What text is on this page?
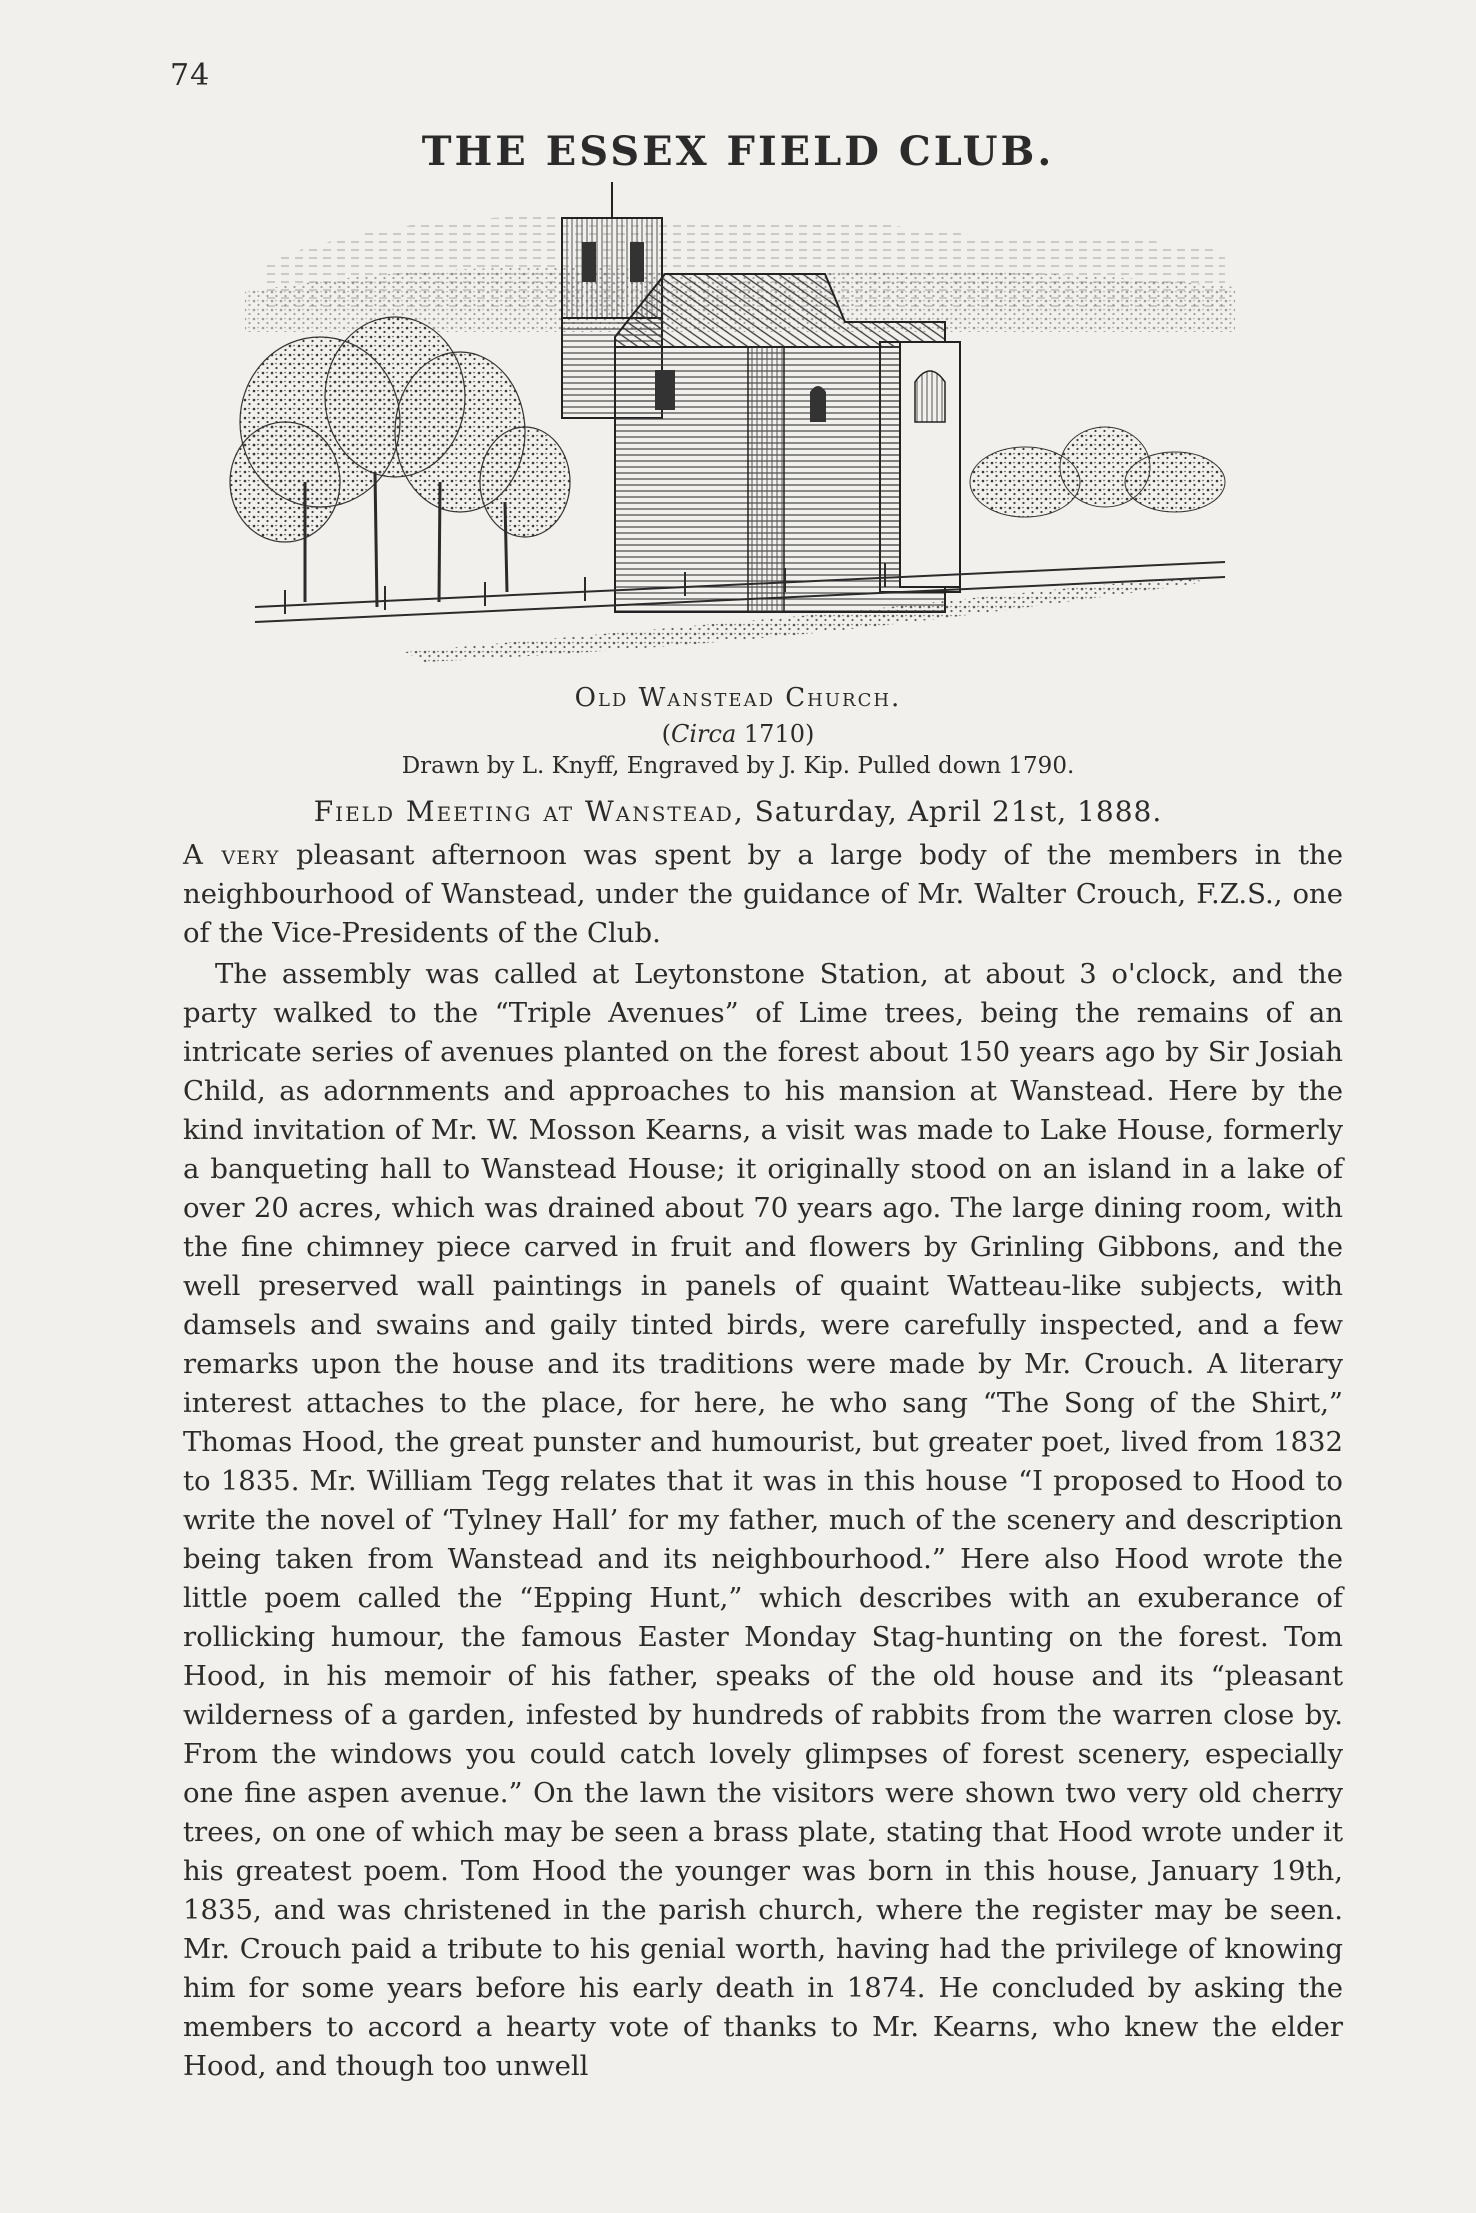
74
THE ESSEX FIELD CLUB.
Old Wanstead Church.
(Circa 1710)
Drawn by L. Knyff, Engraved by J. Kip. Pulled down 1790.
Field Meeting at Wanstead, Saturday, April 21st, 1888.

A very pleasant afternoon was spent by a large body of the members in the neighbourhood of Wanstead, under the guidance of Mr. Walter Crouch, F.Z.S., one of the Vice-Presidents of the Club.

The assembly was called at Leytonstone Station, at about 3 o'clock, and the party walked to the “Triple Avenues” of Lime trees, being the remains of an intricate series of avenues planted on the forest about 150 years ago by Sir Josiah Child, as adornments and approaches to his mansion at Wanstead. Here by the kind invitation of Mr. W. Mosson Kearns, a visit was made to Lake House, formerly a banqueting hall to Wanstead House; it originally stood on an island in a lake of over 20 acres, which was drained about 70 years ago. The large dining room, with the fine chimney piece carved in fruit and flowers by Grinling Gibbons, and the well preserved wall paintings in panels of quaint Watteau-like subjects, with damsels and swains and gaily tinted birds, were carefully inspected, and a few remarks upon the house and its traditions were made by Mr. Crouch. A literary interest attaches to the place, for here, he who sang “The Song of the Shirt,” Thomas Hood, the great punster and humourist, but greater poet, lived from 1832 to 1835. Mr. William Tegg relates that it was in this house “I proposed to Hood to write the novel of ‘Tylney Hall’ for my father, much of the scenery and description being taken from Wanstead and its neighbourhood.” Here also Hood wrote the little poem called the “Epping Hunt,” which describes with an exuberance of rollicking humour, the famous Easter Monday Stag-hunting on the forest. Tom Hood, in his memoir of his father, speaks of the old house and its “pleasant wilderness of a garden, infested by hundreds of rabbits from the warren close by. From the windows you could catch lovely glimpses of forest scenery, especially one fine aspen avenue.” On the lawn the visitors were shown two very old cherry trees, on one of which may be seen a brass plate, stating that Hood wrote under it his greatest poem. Tom Hood the younger was born in this house, January 19th, 1835, and was christened in the parish church, where the register may be seen. Mr. Crouch paid a tribute to his genial worth, having had the privilege of knowing him for some years before his early death in 1874. He concluded by asking the members to accord a hearty vote of thanks to Mr. Kearns, who knew the elder Hood, and though too unwell
